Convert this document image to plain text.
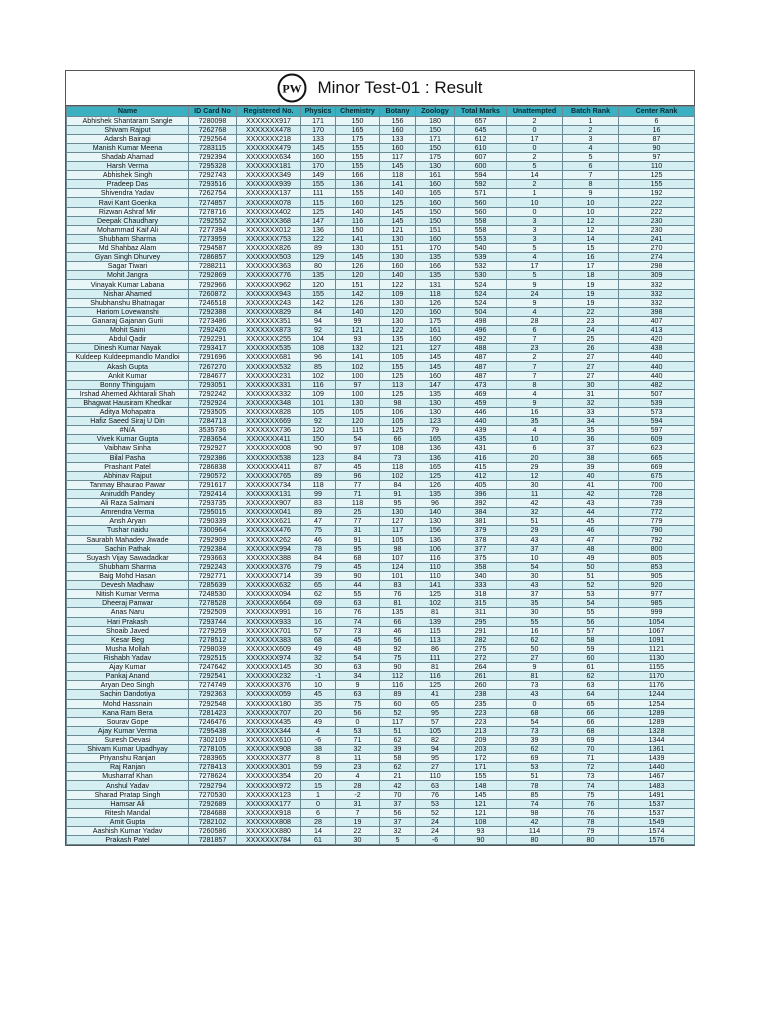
PW Minor Test-01 : Result
Name	ID Card No	Registered No.	Physics	Chemistry	Botany	Zoology	Total Marks	Unattempted	Batch Rank	Center Rank
Abhishek Shantaram Sangle	7280098	XXXXXXX917	171	150	156	180	657	2	1	6
Shivam Rajput	7262768	XXXXXXX478	170	165	160	150	645	0	2	16
Adarsh Bairagi	7292564	XXXXXXX218	133	175	133	171	612	17	3	87
Manish Kumar Meena	7283115	XXXXXXX479	145	155	160	150	610	0	4	90
Shadab Ahamad	7292394	XXXXXXX634	160	155	117	175	607	2	5	97
Harsh Verma	7295328	XXXXXXX181	170	155	145	130	600	5	6	110
Abhishek Singh	7292743	XXXXXXX349	149	166	118	161	594	14	7	125
Pradeep Das	7293516	XXXXXXX939	155	136	141	160	592	2	8	155
Shivendra Yadav	7262754	XXXXXXX137	111	155	140	165	571	1	9	192
Ravi Kant Goenka	7274857	XXXXXXX078	115	160	125	160	560	10	10	222
Rizwan Ashraf Mir	7278716	XXXXXXX402	125	140	145	150	560	0	10	222
Deepak Chaudhary	7292552	XXXXXXX368	147	116	145	150	558	3	12	230
Mohammad Kaif Ali	7277394	XXXXXXX012	136	150	121	151	558	3	12	230
Shubham Sharma	7273959	XXXXXXX753	122	141	130	160	553	3	14	241
Md Shahbaz Alam	7294587	XXXXXXX826	89	130	151	170	540	5	15	270
Gyan Singh Dhurvey	7286857	XXXXXXX503	129	145	130	135	539	4	16	274
Sagar Tiwari	7288211	XXXXXXX363	80	126	160	166	532	17	17	298
Mohit Jangra	7292869	XXXXXXX776	135	120	140	135	530	5	18	309
Vinayak Kumar Labana	7292966	XXXXXXX962	120	151	122	131	524	9	19	332
Nishar Ahamed	7260872	XXXXXXX943	155	142	109	118	524	24	19	332
Shubhanshu Bhatnagar	7246518	XXXXXXX243	142	126	130	126	524	9	19	332
Hariom Lovewanshi	7292388	XXXXXXX829	84	140	120	160	504	4	22	398
Ganaraj Gajanan Gurii	7273486	XXXXXXX351	94	99	130	175	498	28	23	407
Mohit Saini	7292426	XXXXXXX873	92	121	122	161	496	6	24	413
Abdul Qadir	7292291	XXXXXXX255	104	93	135	160	492	7	25	420
Dinesh Kumar Nayak	7293417	XXXXXXX535	108	132	121	127	488	23	26	438
Kuldeep Kuldeepmandlo Mandloi	7291696	XXXXXXX681	96	141	105	145	487	2	27	440
Akash Gupta	7267270	XXXXXXX532	85	102	155	145	487	7	27	440
Ankit Kumar	7284677	XXXXXXX231	102	100	125	160	487	7	27	440
Bonny Thingujam	7293051	XXXXXXX331	116	97	113	147	473	8	30	482
Irshad Ahemed Akhtarali Shah	7292242	XXXXXXX332	109	100	125	135	469	4	31	507
Bhagwat Hausiram Khedkar	7292924	XXXXXXX348	101	130	98	130	459	9	32	539
Aditya Mohapatra	7293505	XXXXXXX828	105	105	106	130	446	16	33	573
Hafiz Saeed Siraj U Din	7284713	XXXXXXX669	92	120	105	123	440	35	34	594
#N/A	3535736	XXXXXXX736	120	115	125	79	439	4	35	597
Vivek Kumar Gupta	7283654	XXXXXXX411	150	54	66	165	435	10	36	609
Vaibhaw Sinha	7292927	XXXXXXX008	90	97	108	136	431	6	37	623
Bilal Pasha	7292386	XXXXXXX538	123	84	73	136	416	20	38	665
Prashant Patel	7286838	XXXXXXX411	87	45	118	165	415	29	39	669
Abhinav Rajput	7290572	XXXXXXX765	89	96	102	125	412	12	40	675
Tanmay Bhaurao Pawar	7291617	XXXXXXX734	118	77	84	126	405	30	41	700
Aniruddh Pandey	7292414	XXXXXXX131	99	71	91	135	396	11	42	728
Ali Raza Salmani	7293735	XXXXXXX907	83	118	95	96	392	42	43	739
Amrendra Verma	7295015	XXXXXXX041	89	25	130	140	384	32	44	772
Ansh Aryan	7290339	XXXXXXX621	47	77	127	130	381	51	45	779
Tushar naidu	7300964	XXXXXXX476	75	31	117	156	379	29	46	790
Saurabh Mahadev Jiwade	7292909	XXXXXXX262	46	91	105	136	378	43	47	792
Sachin Pathak	7292384	XXXXXXX994	78	95	98	106	377	37	48	800
Suyash Vijay Sawadadkar	7293663	XXXXXXX388	84	68	107	116	375	10	49	805
Shubham Sharma	7292243	XXXXXXX376	79	45	124	110	358	54	50	853
Baig Mohd Hasan	7292771	XXXXXXX714	39	90	101	110	340	30	51	905
Devesh Madhaw	7285639	XXXXXXX632	65	44	83	141	333	43	52	920
Nitish Kumar Verma	7248530	XXXXXXX094	62	55	76	125	318	37	53	977
Dheeraj Panwar	7278528	XXXXXXX664	69	63	81	102	315	35	54	985
Anas Naru	7292509	XXXXXXX991	16	76	135	81	311	30	55	999
Hari Prakash	7293744	XXXXXXX933	16	74	66	139	295	55	56	1054
Shoaib Javed	7279259	XXXXXXX701	57	73	46	115	291	16	57	1067
Kesar Beg	7278512	XXXXXXX383	68	45	56	113	282	62	58	1091
Musha Mollah	7298039	XXXXXXX609	49	48	92	86	275	50	59	1121
Rishabh Yadav	7292515	XXXXXXX974	32	54	75	111	272	27	60	1130
Ajay Kumar	7247642	XXXXXXX145	30	63	90	81	264	9	61	1155
Pankaj Anand	7292541	XXXXXXX232	-1	34	112	116	261	81	62	1170
Aryan Deo Singh	7274749	XXXXXXX376	10	9	116	125	260	73	63	1176
Sachin Dandotiya	7292363	XXXXXXX059	45	63	89	41	238	43	64	1244
Mohd Hassnain	7292548	XXXXXXX180	35	75	60	65	235	0	65	1254
Kana Ram Bera	7281423	XXXXXXX707	20	56	52	95	223	68	66	1289
Sourav Gope	7246476	XXXXXXX435	49	0	117	57	223	54	66	1289
Ajay Kumar Verma	7295438	XXXXXXX344	4	53	51	105	213	73	68	1328
Suresh Devasi	7302109	XXXXXXX610	-6	71	62	82	209	39	69	1344
Shivam Kumar Upadhyay	7278105	XXXXXXX908	38	32	39	94	203	62	70	1361
Priyanshu Ranjan	7283965	XXXXXXX377	8	11	58	95	172	69	71	1439
Raj Ranjan	7278413	XXXXXXX301	59	23	62	27	171	53	72	1440
Musharraf Khan	7278624	XXXXXXX354	20	4	21	110	155	51	73	1467
Anshul Yadav	7292794	XXXXXXX972	15	28	42	63	148	78	74	1483
Sharad Pratap Singh	7270530	XXXXXXX123	1	-2	70	76	145	85	75	1491
Hamsar Ali	7292689	XXXXXXX177	0	31	37	53	121	74	76	1537
Ritesh Mandal	7284688	XXXXXXX918	6	7	56	52	121	98	76	1537
Amit Gupta	7282102	XXXXXXX808	28	19	37	24	108	42	78	1549
Aashish Kumar Yadav	7260586	XXXXXXX880	14	22	32	24	93	114	79	1574
Prakash Patel	7281857	XXXXXXX784	61	30	5	-6	90	80	80	1576
